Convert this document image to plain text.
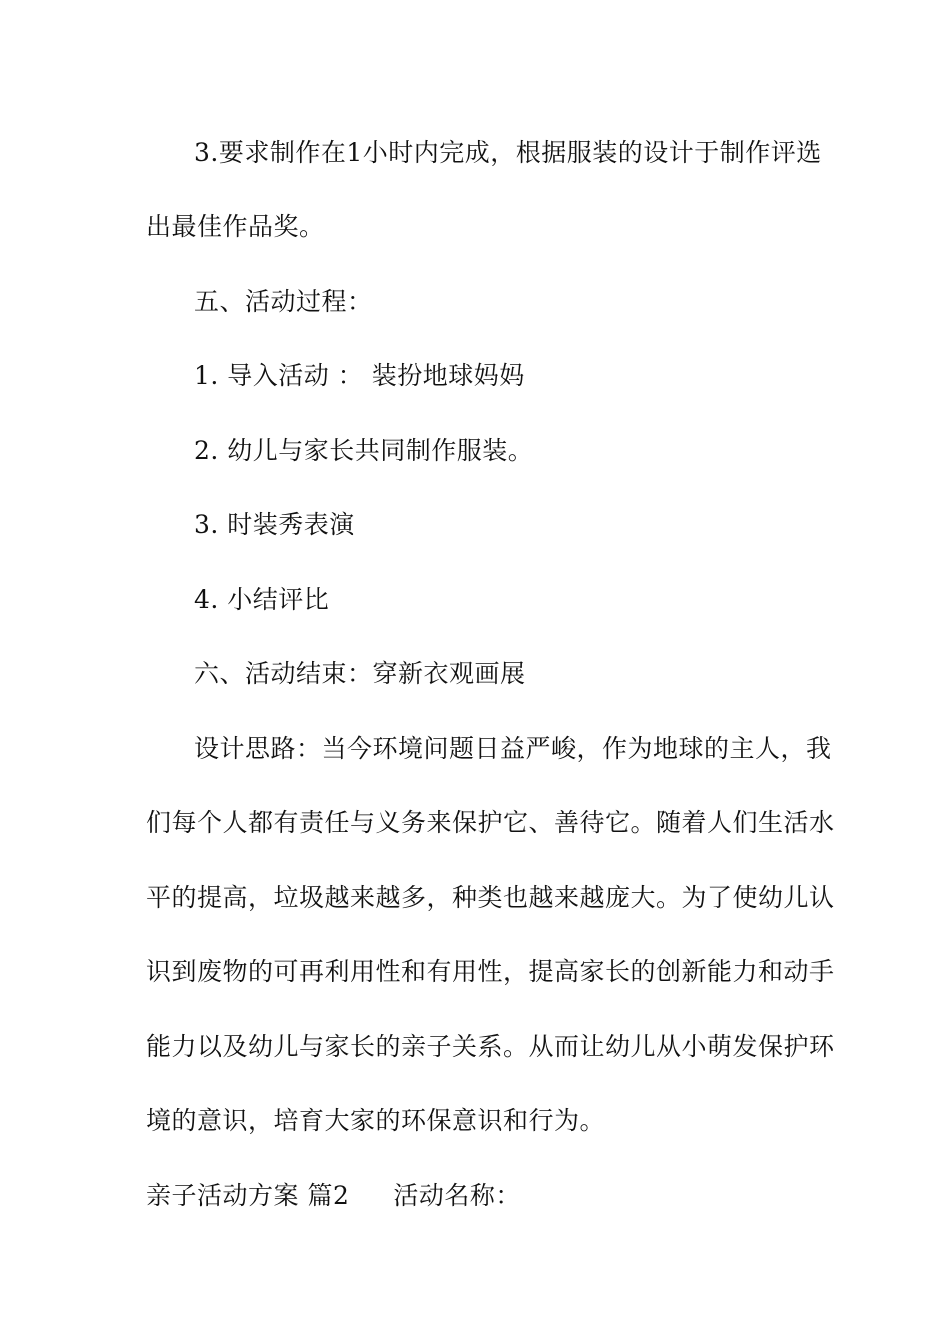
3.要求制作在1小时内完成，根据服装的设计于制作评选
出最佳作品奖。
五、活动过程：
1. 导入活动 ： 装扮地球妈妈
2. 幼儿与家长共同制作服装。
3. 时装秀表演
4. 小结评比
六、活动结束：穿新衣观画展
设计思路：当今环境问题日益严峻，作为地球的主人，我
们每个人都有责任与义务来保护它、善待它。随着人们生活水
平的提高，垃圾越来越多，种类也越来越庞大。为了使幼儿认
识到废物的可再利用性和有用性，提高家长的创新能力和动手
能力以及幼儿与家长的亲子关系。从而让幼儿从小萌发保护环
境的意识，培育大家的环保意识和行为。
亲子活动方案 篇2 活动名称：
